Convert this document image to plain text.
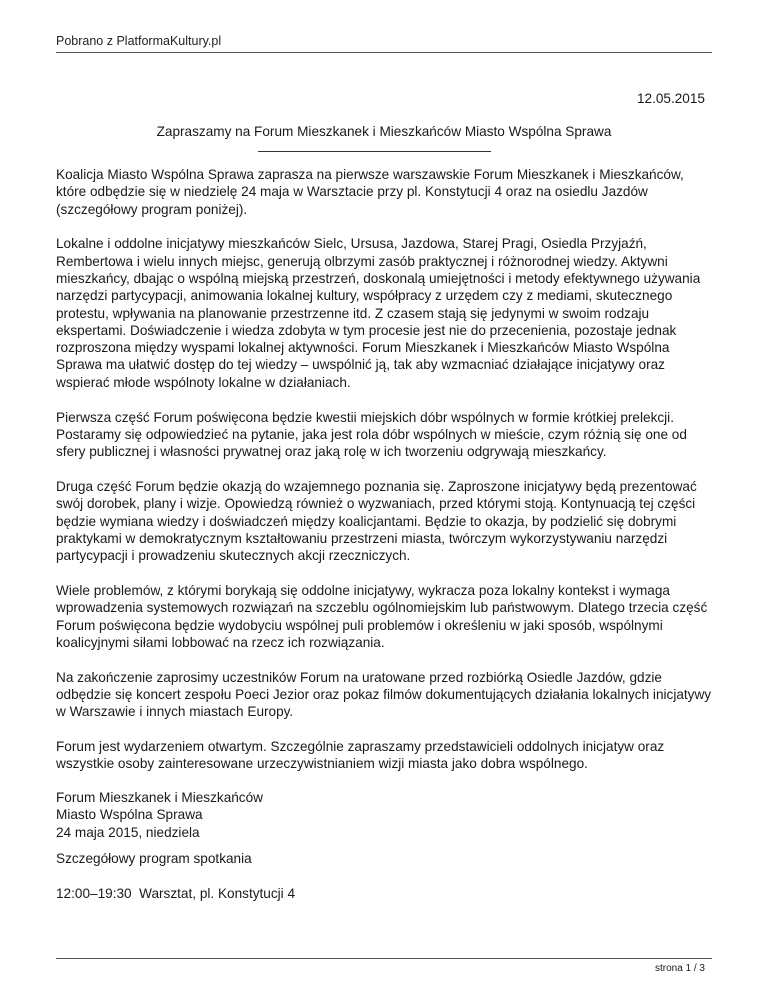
Pobrano z PlatformaKultury.pl
12.05.2015
Zapraszamy na Forum Mieszkanek i Mieszkańców Miasto Wspólna Sprawa

Koalicja Miasto Wspólna Sprawa zaprasza na pierwsze warszawskie Forum Mieszkanek i Mieszkańców, które odbędzie się w niedzielę 24 maja w Warsztacie przy pl. Konstytucji 4 oraz na osiedlu Jazdów (szczegółowy program poniżej).

Lokalne i oddolne inicjatywy mieszkańców Sielc, Ursusa, Jazdowa, Starej Pragi, Osiedla Przyjaźń, Rembertowa i wielu innych miejsc, generują olbrzymi zasób praktycznej i różnorodnej wiedzy. Aktywni mieszkańcy, dbając o wspólną miejską przestrzeń, doskonalą umiejętności i metody efektywnego używania narzędzi partycypacji, animowania lokalnej kultury, współpracy z urzędem czy z mediami, skutecznego protestu, wpływania na planowanie przestrzenne itd. Z czasem stają się jedynymi w swoim rodzaju ekspertami. Doświadczenie i wiedza zdobyta w tym procesie jest nie do przecenienia, pozostaje jednak rozproszona między wyspami lokalnej aktywności. Forum Mieszkanek i Mieszkańców Miasto Wspólna Sprawa ma ułatwić dostęp do tej wiedzy – uwspólnić ją, tak aby wzmacniać działające inicjatywy oraz wspierać młode wspólnoty lokalne w działaniach.

Pierwsza część Forum poświęcona będzie kwestii miejskich dóbr wspólnych w formie krótkiej prelekcji. Postaramy się odpowiedzieć na pytanie, jaka jest rola dóbr wspólnych w mieście, czym różnią się one od sfery publicznej i własności prywatnej oraz jaką rolę w ich tworzeniu odgrywają mieszkańcy.

Druga część Forum będzie okazją do wzajemnego poznania się. Zaproszone inicjatywy będą prezentować swój dorobek, plany i wizje. Opowiedzą również o wyzwaniach, przed którymi stoją. Kontynuacją tej części będzie wymiana wiedzy i doświadczeń między koalicjantami. Będzie to okazja, by podzielić się dobrymi praktykami w demokratycznym kształtowaniu przestrzeni miasta, twórczym wykorzystywaniu narzędzi partycypacji i prowadzeniu skutecznych akcji rzeczniczych.

Wiele problemów, z którymi borykają się oddolne inicjatywy, wykracza poza lokalny kontekst i wymaga wprowadzenia systemowych rozwiązań na szczeblu ogólnomiejskim lub państwowym. Dlatego trzecia część Forum poświęcona będzie wydobyciu wspólnej puli problemów i określeniu w jaki sposób, wspólnymi koalicyjnymi siłami lobbować na rzecz ich rozwiązania.

Na zakończenie zaprosimy uczestników Forum na uratowane przed rozbiórką Osiedle Jazdów, gdzie odbędzie się koncert zespołu Poeci Jezior oraz pokaz filmów dokumentujących działania lokalnych inicjatywy w Warszawie i innych miastach Europy.

Forum jest wydarzeniem otwartym. Szczególnie zapraszamy przedstawicieli oddolnych inicjatyw oraz wszystkie osoby zainteresowane urzeczywistnianiem wizji miasta jako dobra wspólnego.

Forum Mieszkanek i Mieszkańców
Miasto Wspólna Sprawa
24 maja 2015, niedziela
Szczegółowy program spotkania
12:00–19:30  Warsztat, pl. Konstytucji 4
strona 1 / 3
